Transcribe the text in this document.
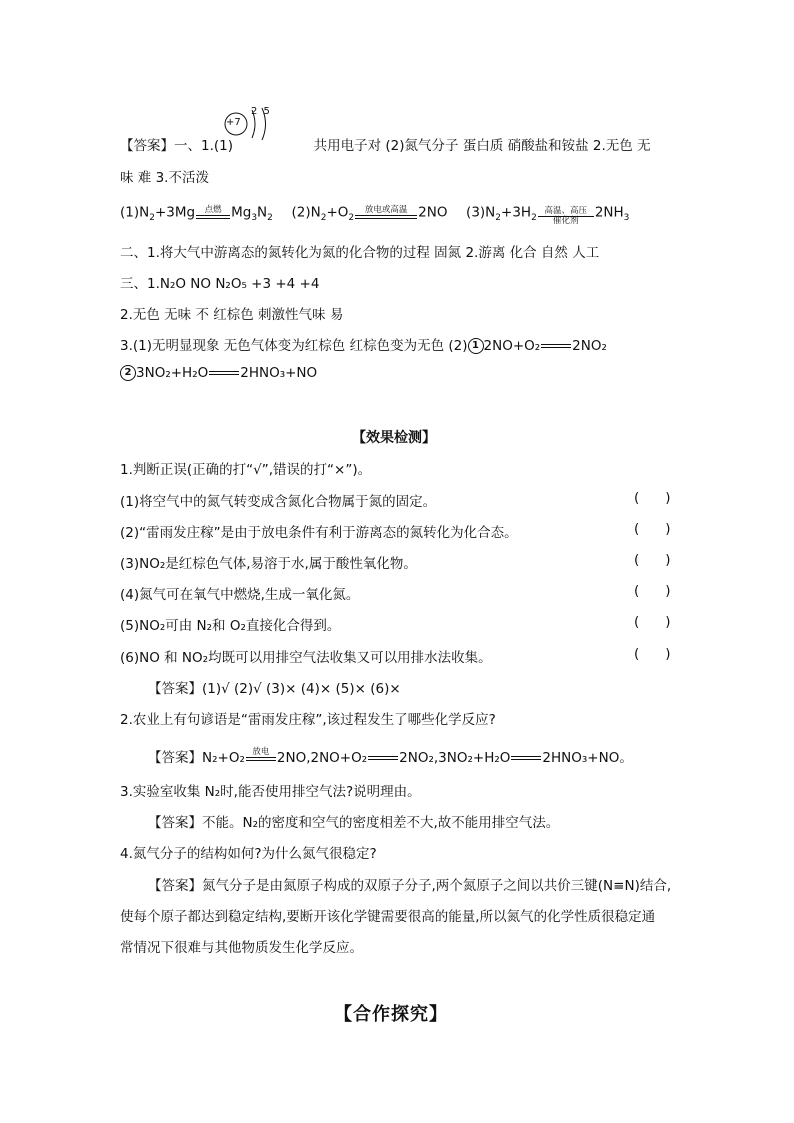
【答案】一、1.(1)	共用电子对 (2)氮气分子 蛋白质 硝酸盐和铵盐 2.无色 无
+7
2 5
味 难 3.不活泼
$(1)N_2+3Mg$	点燃 $Mg_3N_2$ $(2)N_2+O_2$
放电或高温 2NO $(3)N_2+3H_2$
高温、高压
催化剂
$2NH_3$
二、1.将大气中游离态的氮转化为氮的化合物的过程 固氮 2.游离 化合 自然 人工
三、1.N₂O NO N₂O₅ +3 +4 +4
2.无色 无味 不 红棕色 刺激性气味 易
3.(1)无明显现象 无色气体变为红棕色 红棕色变为无色 (2) 1 2NO+O₂ 2NO₂
2 3NO₂+H₂O 2HNO₃+NO
【效果检测】
1.判断正误(正确的打“√”,错误的打“×”)。
(1)将空气中的氮气转变成含氮化合物属于氮的固定。	( )
(2)“雷雨发庄稼”是由于放电条件有利于游离态的氮转化为化合态。	( )
(3)NO₂是红棕色气体,易溶于水,属于酸性氧化物。	( )
(4)氮气可在氧气中燃烧,生成一氧化氮。	( )
(5)NO₂可由 N₂和 O₂直接化合得到。	( )
(6)NO 和 NO₂均既可以用排空气法收集又可以用排水法收集。	( )
【答案】(1)√ (2)√ (3)× (4)× (5)× (6)×
2.农业上有句谚语是“雷雨发庄稼”,该过程发生了哪些化学反应?
【答案】N₂+O₂ 放电 2NO,2NO+O₂ 2NO₂,3NO₂+H₂O 2HNO₃+NO。
3.实验室收集 N₂时,能否使用排空气法?说明理由。
【答案】不能。N₂的密度和空气的密度相差不大,故不能用排空气法。
4.氮气分子的结构如何?为什么氮气很稳定?
【答案】氮气分子是由氮原子构成的双原子分子,两个氮原子之间以共价三键(N≡N)结合,
使每个原子都达到稳定结构,要断开该化学键需要很高的能量,所以氮气的化学性质很稳定通
常情况下很难与其他物质发生化学反应。
【合作探究】
